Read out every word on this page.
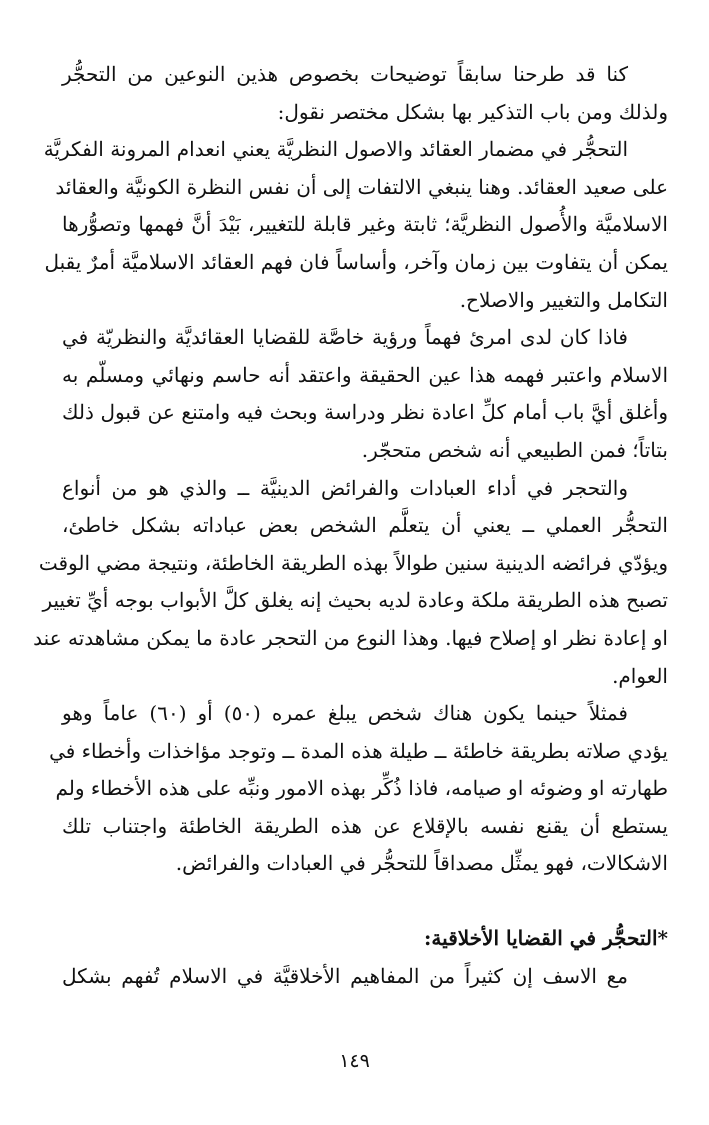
كنا قد طرحنا سابقاً توضيحات بخصوص هذين النوعين من التحجُّر
ولذلك ومن باب التذكير بها بشكل مختصر نقول:
التحجُّر في مضمار العقائد والاصول النظريَّة يعني انعدام المرونة الفكريَّة
على صعيد العقائد. وهنا ينبغي الالتفات إلى أن نفس النظرة الكونيَّة والعقائد
الاسلاميَّة والأُصول النظريَّة؛ ثابتة وغير قابلة للتغيير، بَيْدَ أنَّ فهمها وتصوُّرها
يمكن أن يتفاوت بين زمان وآخر، وأساساً فان فهم العقائد الاسلاميَّة أمرٌ يقبل
التكامل والتغيير والاصلاح.
فاذا كان لدى امرئ فهماً ورؤية خاصَّة للقضايا العقائديَّة والنظريّة في
الاسلام واعتبر فهمه هذا عين الحقيقة واعتقد أنه حاسم ونهائي ومسلّم به
وأغلق أيَّ باب أمام كلِّ اعادة نظر ودراسة وبحث فيه وامتنع عن قبول ذلك
بتاتاً؛ فمن الطبيعي أنه شخص متحجّر.
والتحجر في أداء العبادات والفرائض الدينيَّة ــ والذي هو من أنواع
التحجُّر العملي ــ يعني أن يتعلَّم الشخص بعض عباداته بشكل خاطئ،
ويؤدّي فرائضه الدينية سنين طوالاً بهذه الطريقة الخاطئة، ونتيجة مضي الوقت
تصبح هذه الطريقة ملكة وعادة لديه بحيث إنه يغلق كلَّ الأبواب بوجه أيِّ تغيير
او إعادة نظر او إصلاح فيها. وهذا النوع من التحجر عادة ما يمكن مشاهدته عند
العوام.
فمثلاً حينما يكون هناك شخص يبلغ عمره (٥٠) أو (٦٠) عاماً وهو
يؤدي صلاته بطريقة خاطئة ــ طيلة هذه المدة ــ وتوجد مؤاخذات وأخطاء في
طهارته او وضوئه او صيامه، فاذا ذُكِّر بهذه الامور ونبِّه على هذه الأخطاء ولم
يستطع أن يقنع نفسه بالإقلاع عن هذه الطريقة الخاطئة واجتناب تلك
الاشكالات، فهو يمثِّل مصداقاً للتحجُّر في العبادات والفرائض.
*التحجُّر في القضايا الأخلاقية:
مع الاسف إن كثيراً من المفاهيم الأخلاقيَّة في الاسلام تُفهم بشكل
١٤٩
